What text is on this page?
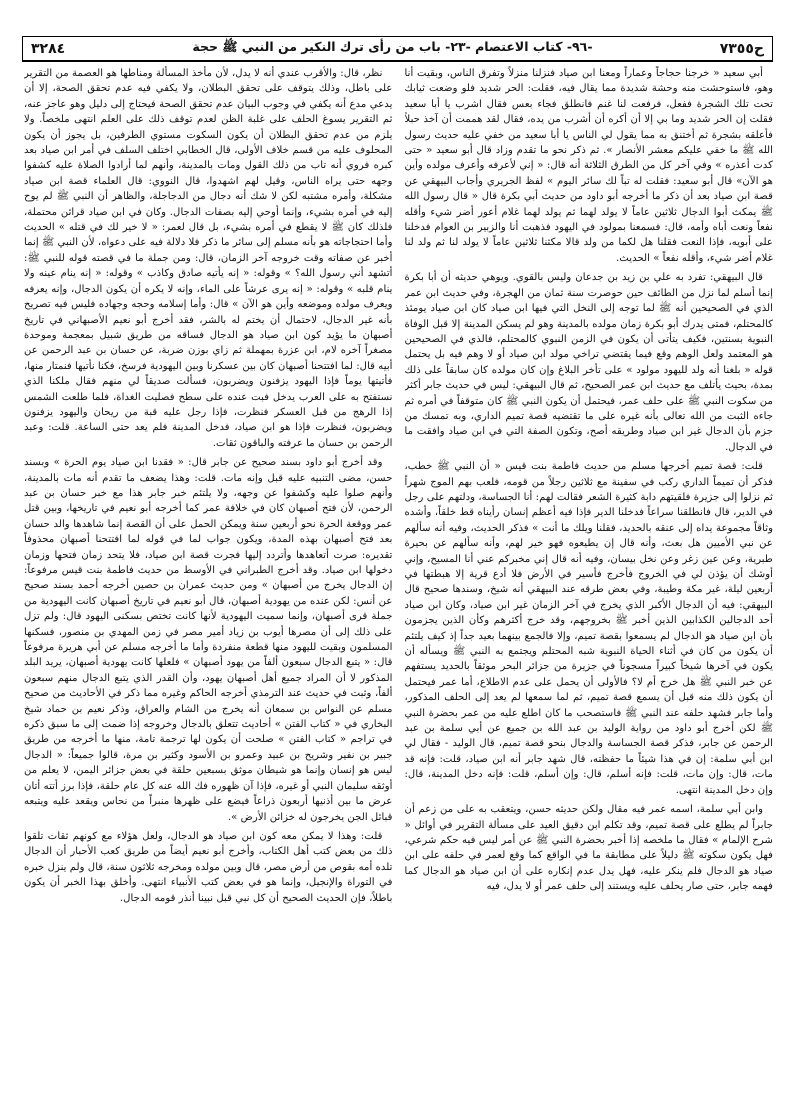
ح٧٣٥٥
-٩٦- كتاب الاعتصام -٢٣- باب من رأى ترك النكير من النبي ﷺ حجة
٣٢٨٤

أبي سعيد « خرجنا حجاجاً وعماراً ومعنا ابن صياد فنزلنا منزلاً وتفرق الناس، وبقيت أنا وهو، فاستوحشت منه وحشة شديدة مما يقال فيه، فقلت: الحر شديد فلو وضعت ثيابك تحت تلك الشجرة ففعل، فرفعت لنا غنم فانطلق فجاء بعس فقال اشرب يا أبا سعيد فقلت إن الحر شديد وما بي إلا أن أكره أن أشرب من يده، فقال لقد هممت أن آخذ حبلاً فأعلقه بشجرة ثم أختنق به مما يقول لي الناس يا أبا سعيد من خفي عليه حديث رسول الله ﷺ ما خفي عليكم معشر الأنصار ». ثم ذكر نحو ما تقدم وزاد قال أبو سعيد « حتى كدت أعذره » وفي آخر كل من الطرق الثلاثة أنه قال: « إني لأعرفه وأعرف مولده وأين هو الآن» قال أبو سعيد: فقلت له تباً لك سائر اليوم » لفظ الجريري وأجاب البيهقي عن قصة ابن صياد بعد أن ذكر ما أخرجه أبو داود من حديث أبي بكرة قال « قال رسول الله ﷺ يمكث أبوا الدجال ثلاثين عاماً لا يولد لهما ثم يولد لهما غلام أعور أضر شيء وأقله نفعاً ونعت أباه وأمه، قال: فسمعنا بمولود في اليهود فذهبت أنا والزبير بن العوام فدخلنا على أبويه، فإذا النعت فقلنا هل لكما من ولد قالا مكثنا ثلاثين عاماً لا يولد لنا ثم ولد لنا غلام أضر شيء، وأقله نفعاً » الحديث.

قال البيهقي: تفرد به علي بن زيد بن جدعان وليس بالقوي. ويوهي حديثه أن أبا بكرة إنما أسلم لما نزل من الطائف حين حوصرت سنة ثمان من الهجرة، وفي حديث ابن عمر الذي في الصحيحين أنه ﷺ لما توجه إلى النخل التي فيها ابن صياد كان ابن صياد يومئذ كالمحتلم، فمتى يدرك أبو بكرة زمان مولده بالمدينة وهو لم يسكن المدينة إلا قبل الوفاة النبوية بسنتين، فكيف يتأتى أن يكون في الزمن النبوي كالمحتلم، فالذي في الصحيحين هو المعتمد ولعل الوهم وقع فيما يقتضي تراخي مولد ابن صياد أو لا وهم فيه بل يحتمل قوله « بلغنا أنه ولد لليهود مولود » على تأخر البلاغ وإن كان مولده كان سابقاً على ذلك بمدة، بحيث يأتلف مع حديث ابن عمر الصحيح، ثم قال البيهقي: ليس في حديث جابر أكثر من سكوت النبي ﷺ على حلف عمر، فيحتمل أن يكون النبي ﷺ كان متوقفاً في أمره ثم جاءه الثبت من الله تعالى بأنه غيره على ما تقتضيه قصة تميم الداري، وبه تمسك من جزم بأن الدجال غير ابن صياد وطريقه أصح، وتكون الصفة التي في ابن صياد وافقت ما في الدجال.

قلت: قصة تميم أخرجها مسلم من حديث فاطمة بنت قيس « أن النبي ﷺ خطب، فذكر أن تميماً الداري ركب في سفينة مع ثلاثين رجلاً من قومه، فلعب بهم الموج شهراً ثم نزلوا إلى جزيرة فلقيتهم دابة كثيرة الشعر فقالت لهم: أنا الجساسة، ودلتهم على رجل في الدير، قال فانطلقنا سراعاً فدخلنا الدير فإذا فيه أعظم إنسان رأيناه قط خلقاً، وأشده وثاقاً مجموعة يداه إلى عنقه بالحديد، فقلنا ويلك ما أنت » فذكر الحديث، وفيه أنه سألهم عن نبي الأميين هل بعث، وأنه قال إن يطيعوه فهو خير لهم، وأنه سألهم عن بحيرة طبرية، وعن عين زغر وعن نخل بيسان، وفيه أنه قال إني مخبركم عني أنا المسيح، وإني أوشك أن يؤذن لي في الخروج فأخرج فأسير في الأرض فلا أدع قرية إلا هبطتها في أربعين ليلة، غير مكة وطيبة، وفي بعض طرقه عند البيهقي أنه شيخ، وسندها صحيح قال البيهقي: فيه أن الدجال الأكبر الذي يخرج في آخر الزمان غير ابن صياد، وكان ابن صياد أحد الدجالين الكذابين الذين أخبر ﷺ بخروجهم، وقد خرج أكثرهم وكأن الذين يجزمون بأن ابن صياد هو الدجال لم يسمعوا بقصة تميم، وإلا فالجمع بينهما بعيد جداً إذ كيف يلتئم أن يكون من كان في أثناء الحياة النبوية شبه المحتلم ويجتمع به النبي ﷺ ويسأله أن يكون في آخرها شيخاً كبيراً مسجوناً في جزيرة من جزائر البحر موثقاً بالحديد يستفهم عن خبر النبي ﷺ هل خرج أم لا؟ فالأولى أن يحمل على عدم الاطلاع، أما عمر فيحتمل أن يكون ذلك منه قبل أن يسمع قصة تميم، ثم لما سمعها لم يعد إلى الحلف المذكور، وأما جابر فشهد حلفه عند النبي ﷺ فاستصحب ما كان اطلع عليه من عمر بحضرة النبي ﷺ لكن أخرج أبو داود من رواية الوليد بن عبد الله بن جميع عن أبي سلمة بن عبد الرحمن عن جابر، فذكر قصة الجساسة والدجال بنحو قصة تميم، قال الوليد - فقال لي ابن أبي سلمة: إن في هذا شيئاً ما حفظته، قال شهد جابر أنه ابن صياد، قلت: فإنه قد مات، قال: وإن مات، قلت: فإنه أسلم، قال: وإن أسلم، قلت: فإنه دخل المدينة، قال: وإن دخل المدينة انتهى.

وابن أبي سلمة، اسمه عمر فيه مقال ولكن حديثه حسن، ويتعقب به على من زعم أن جابراً لم يطلع على قصة تميم، وقد تكلم ابن دقيق العيد على مسألة التقرير في أوائل « شرح الإلمام » فقال ما ملخصه إذا أخبر بحضرة النبي ﷺ عن أمر ليس فيه حكم شرعي، فهل يكون سكوته ﷺ دليلاً على مطابقة ما في الواقع كما وقع لعمر في حلفه على ابن صياد هو الدجال فلم ينكر عليه، فهل يدل عدم إنكاره على أن ابن صياد هو الدجال كما فهمه جابر، حتى صار يحلف عليه ويستند إلى حلف عمر أو لا يدل، فيه

نظر، قال: والأقرب عندي أنه لا يدل، لأن مأخذ المسألة ومناطها هو العصمة من التقرير على باطل، وذلك يتوقف على تحقق البطلان، ولا يكفي فيه عدم تحقق الصحة، إلا أن يدعي مدع أنه يكفي في وجوب البيان عدم تحقق الصحة فيحتاج إلى دليل وهو عاجز عنه، ثم التقرير يسوغ الحلف على غلبة الظن لعدم توقف ذلك على العلم انتهى ملخصاً. ولا يلزم من عدم تحقق البطلان أن يكون السكوت مستوي الطرفين، بل يجوز أن يكون المحلوف عليه من قسم خلاف الأولى، قال الخطابي اختلف السلف في أمر ابن صياد بعد كبره فروي أنه تاب من ذلك القول ومات بالمدينة، وأنهم لما أرادوا الصلاة عليه كشفوا وجهه حتى يراه الناس، وقيل لهم اشهدوا، قال النووي: قال العلماء قصة ابن صياد مشكلة، وأمره مشتبه لكن لا شك أنه دجال من الدجاجلة، والظاهر أن النبي ﷺ لم يوح إليه في أمره بشيء، وإنما أوحي إليه بصفات الدجال. وكان في ابن صياد قرائن محتملة، فلذلك كان ﷺ لا يقطع في أمره بشيء، بل قال لعمر: « لا خير لك في قتله » الحديث وأما احتجاجاته هو بأنه مسلم إلى سائر ما ذكر فلا دلالة فيه على دعواه، لأن النبي ﷺ إنما أخبر عن صفاته وقت خروجه آخر الزمان، قال: ومن جملة ما في قصته قوله للنبي ﷺ: أتشهد أني رسول الله؟ » وقوله: « إنه يأتيه صادق وكاذب » وقوله: « إنه ينام عينه ولا ينام قلبه » وقوله: « إنه يرى عرشاً على الماء، وإنه لا يكره أن يكون الدجال، وإنه يعرفه ويعرف مولده وموضعه وأين هو الآن » قال: وأما إسلامه وحجه وجهاده فليس فيه تصريح بأنه غير الدجال، لاحتمال أن يختم له بالشر، فقد أخرج أبو نعيم الأصبهاني في تاريخ أصبهان ما يؤيد كون ابن صياد هو الدجال فساقه من طريق شبيل بمعجمة وموحدة مصغراً آخره لام، ابن عزرة بمهملة ثم زاي بوزن ضربة، عن حسان بن عبد الرحمن عن أبيه قال: لما افتتحنا أصبهان كان بين عسكرنا وبين اليهودية فرسخ، فكنا نأتيها فنمتار منها، فأتيتها يوماً فإذا اليهود يزفنون ويضربون، فسألت صديقاً لي منهم فقال ملكنا الذي نستفتح به على العرب يدخل فبت عنده على سطح فصليت الغداة، فلما طلعت الشمس إذا الرهج من قبل العسكر فنظرت، فإذا رجل عليه قبة من ريحان واليهود يزفنون ويضربون، فنظرت فإذا هو ابن صياد، فدخل المدينة فلم يعد حتى الساعة. قلت: وعبد الرحمن بن حسان ما عرفته والباقون ثقات.

وقد أخرج أبو داود بسند صحيح عن جابر قال: « فقدنا ابن صياد يوم الحرة » وبسند حسن، مضى التنبيه عليه قبل وإنه مات. قلت: وهذا يضعف ما تقدم أنه مات بالمدينة، وأنهم صلوا عليه وكشفوا عن وجهه، ولا يلتئم خبر جابر هذا مع خبر حسان بن عبد الرحمن، لأن فتح أصبهان كان في خلافة عمر كما أخرجه أبو نعيم في تاريخها، وبين قتل عمر ووقعة الحرة نحو أربعين سنة ويمكن الحمل على أن القصة إنما شاهدها والد حسان بعد فتح أصبهان بهذه المدة، ويكون جواب لما في قوله لما افتتحنا أصبهان محذوفاً تقديره: صرت أتعاهدها وأتردد إليها فجرت قصة ابن صياد، فلا يتحد زمان فتحها وزمان دخولها ابن صياد. وقد أخرج الطبراني في الأوسط من حديث فاطمة بنت قيس مرفوعاً: إن الدجال يخرج من أصبهان » ومن حديث عمران بن حصين أخرجه أحمد بسند صحيح عن أنس: لكن عنده من يهودية أصبهان، قال أبو نعيم في تاريخ أصبهان كانت اليهودية من جملة قرى أصبهان، وإنما سميت اليهودية لأنها كانت تختص بسكنى اليهود قال: ولم تزل على ذلك إلى أن مصرها أيوب بن زياد أمير مصر في زمن المهدي بن منصور، فسكنها المسلمون وبقيت لليهود منها قطعة منفردة وأما ما أخرجه مسلم عن أبي هريرة مرفوعاً قال: « يتبع الدجال سبعون ألفاً من يهود أصبهان » فلعلها كانت يهودية أصبهان، يريد البلد المذكور لا أن المراد جميع أهل أصبهان يهود، وأن القدر الذي يتبع الدجال منهم سبعون ألفاً، وثبت في حديث عند الترمذي أخرجه الحاكم وغيره مما ذكر في الأحاديث من صحيح مسلم عن النواس بن سمعان أنه يخرج من الشام والعراق، وذكر نعيم بن حماد شيخ البخاري في « كتاب الفتن » أحاديث تتعلق بالدجال وخروجه إذا ضمت إلى ما سبق ذكره في تراجم « كتاب الفتن » صلحت أن يكون لها ترجمة تامة، منها ما أخرجه من طريق جبير بن نفير وشريح بن عبيد وعمرو بن الأسود وكثير بن مرة، قالوا جميعاً: « الدجال ليس هو إنسان وإنما هو شيطان موثق بسبعين حلقة في بعض جزائر اليمن، لا يعلم من أوثقه سليمان النبي أو غيره، فإذا آن ظهوره فك الله عنه كل عام حلقة، فإذا برز أتته أتان عرض ما بين أذنيها أربعون ذراعاً فيضع على ظهرها منبراً من نحاس ويقعد عليه ويتبعه قبائل الجن يخرجون له خزائن الأرض ».

قلت: وهذا لا يمكن معه كون ابن صياد هو الدجال، ولعل هؤلاء مع كونهم ثقات تلقوا ذلك من بعض كتب أهل الكتاب، وأخرج أبو نعيم أيضاً من طريق كعب الأحبار أن الدجال تلده أمه بقوص من أرض مصر، قال وبين مولده ومخرجه ثلاثون سنة، قال ولم ينزل خبره في التوراة والإنجيل، وإنما هو في بعض كتب الأنبياء انتهى. وأخلق بهذا الخبر أن يكون باطلاً، فإن الحديث الصحيح أن كل نبي قبل نبينا أنذر قومه الدجال.
